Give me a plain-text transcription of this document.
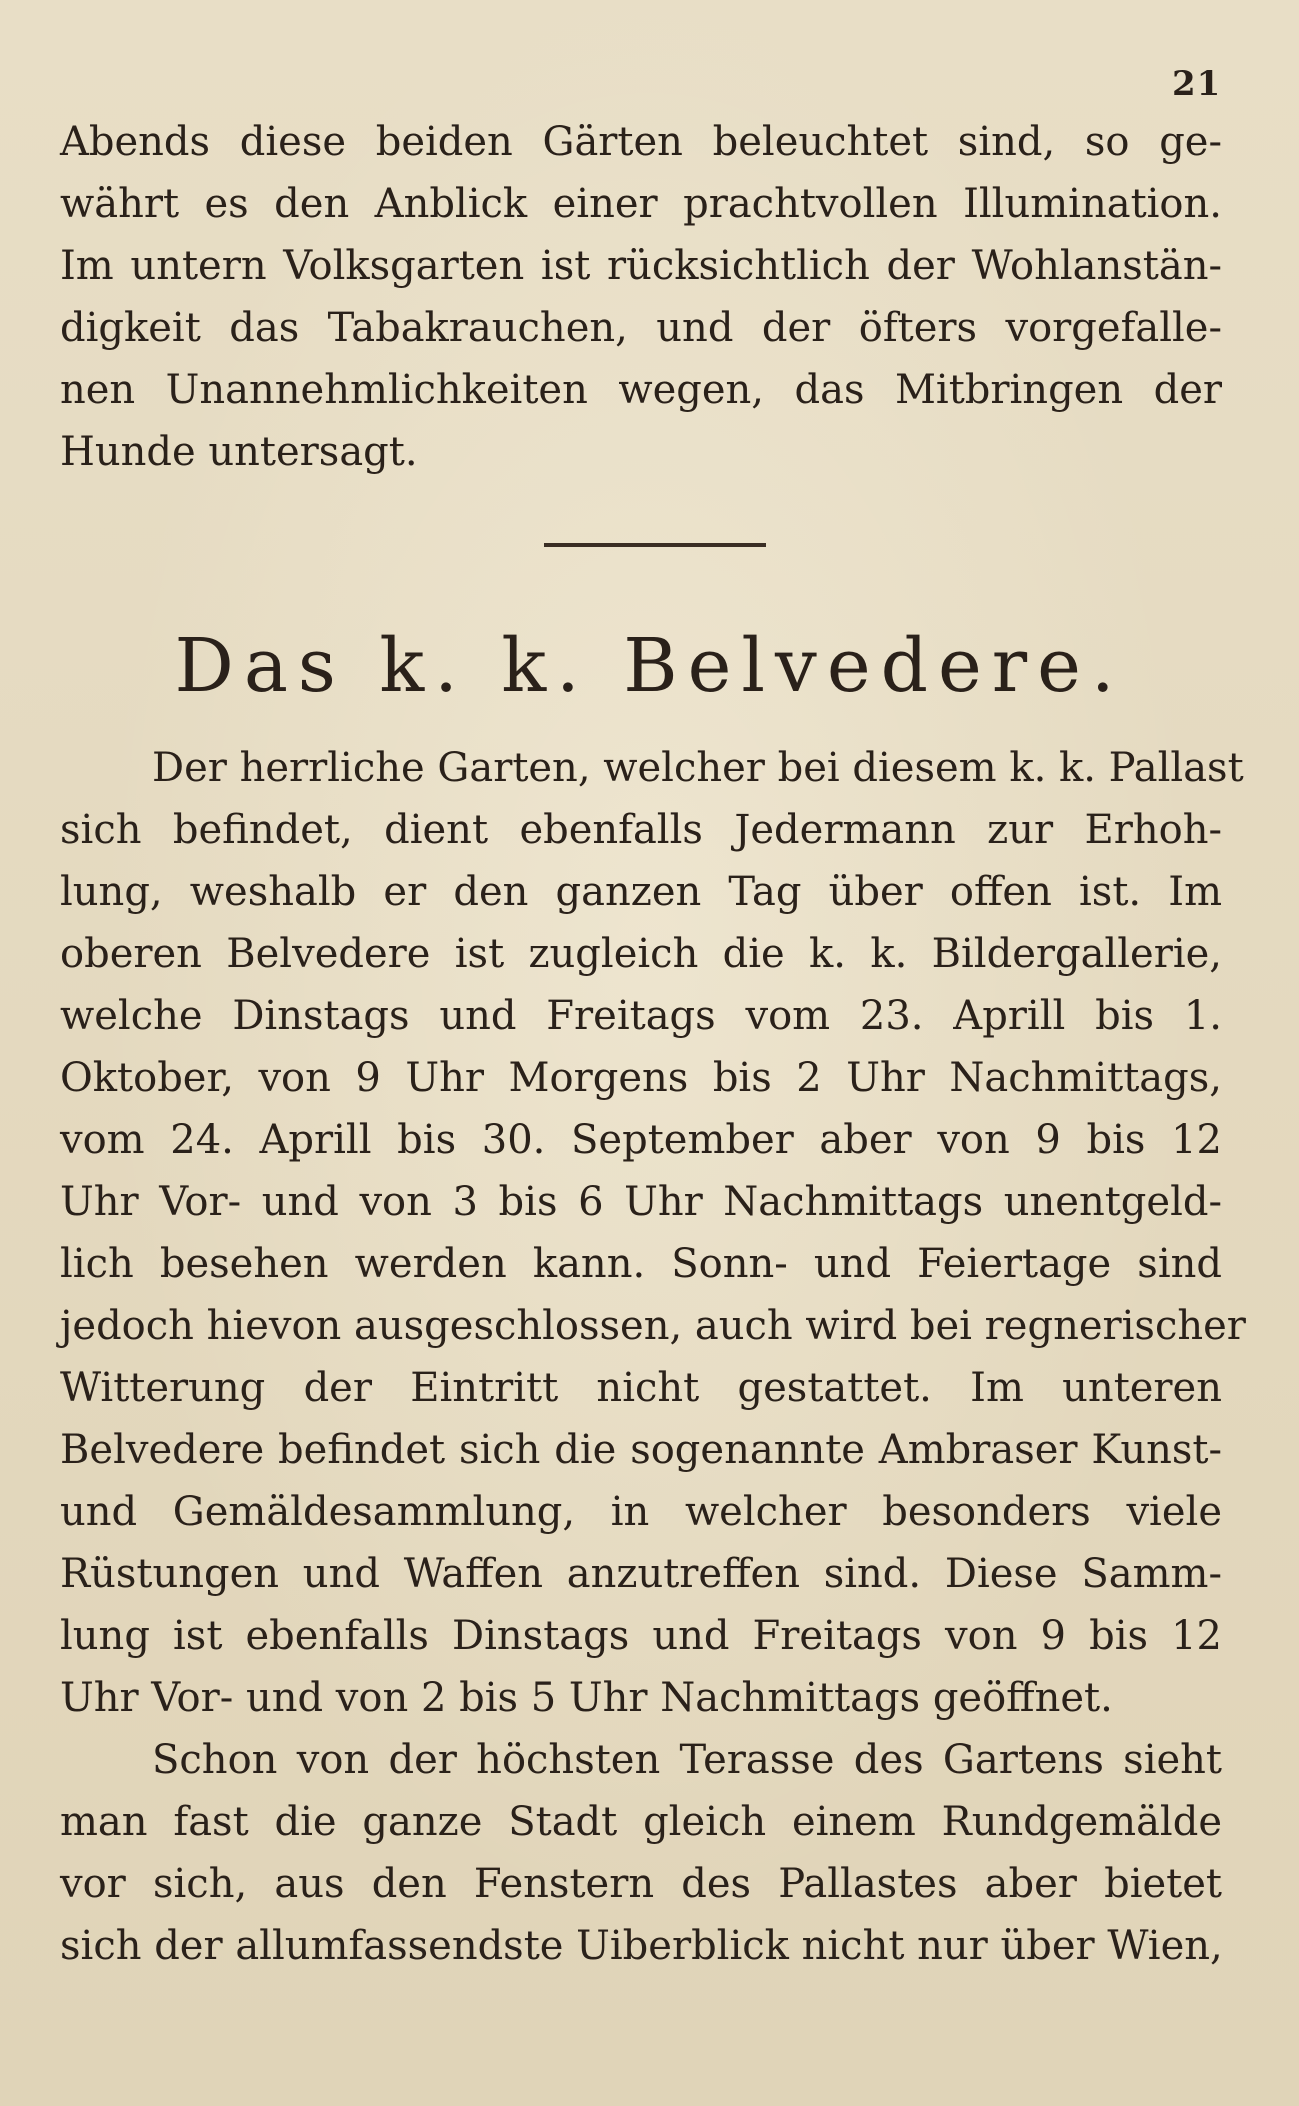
21
Abends diese beiden Gärten beleuchtet sind, so ge-
währt es den Anblick einer prachtvollen Illumination.
Im untern Volksgarten ist rücksichtlich der Wohlanstän-
digkeit das Tabakrauchen, und der öfters vorgefalle-
nen Unannehmlichkeiten wegen, das Mitbringen der
Hunde untersagt.
Das k. k. Belvedere.
Der herrliche Garten, welcher bei diesem k. k. Pallast
sich befindet, dient ebenfalls Jedermann zur Erhoh-
lung, weshalb er den ganzen Tag über offen ist. Im
oberen Belvedere ist zugleich die k. k. Bildergallerie,
welche Dinstags und Freitags vom 23. Aprill bis 1.
Oktober, von 9 Uhr Morgens bis 2 Uhr Nachmittags,
vom 24. Aprill bis 30. September aber von 9 bis 12
Uhr Vor- und von 3 bis 6 Uhr Nachmittags unentgeld-
lich besehen werden kann. Sonn- und Feiertage sind
jedoch hievon ausgeschlossen, auch wird bei regnerischer
Witterung der Eintritt nicht gestattet. Im unteren
Belvedere befindet sich die sogenannte Ambraser Kunst-
und Gemäldesammlung, in welcher besonders viele
Rüstungen und Waffen anzutreffen sind. Diese Samm-
lung ist ebenfalls Dinstags und Freitags von 9 bis 12
Uhr Vor- und von 2 bis 5 Uhr Nachmittags geöffnet.
Schon von der höchsten Terasse des Gartens sieht
man fast die ganze Stadt gleich einem Rundgemälde
vor sich, aus den Fenstern des Pallastes aber bietet
sich der allumfassendste Uiberblick nicht nur über Wien,
